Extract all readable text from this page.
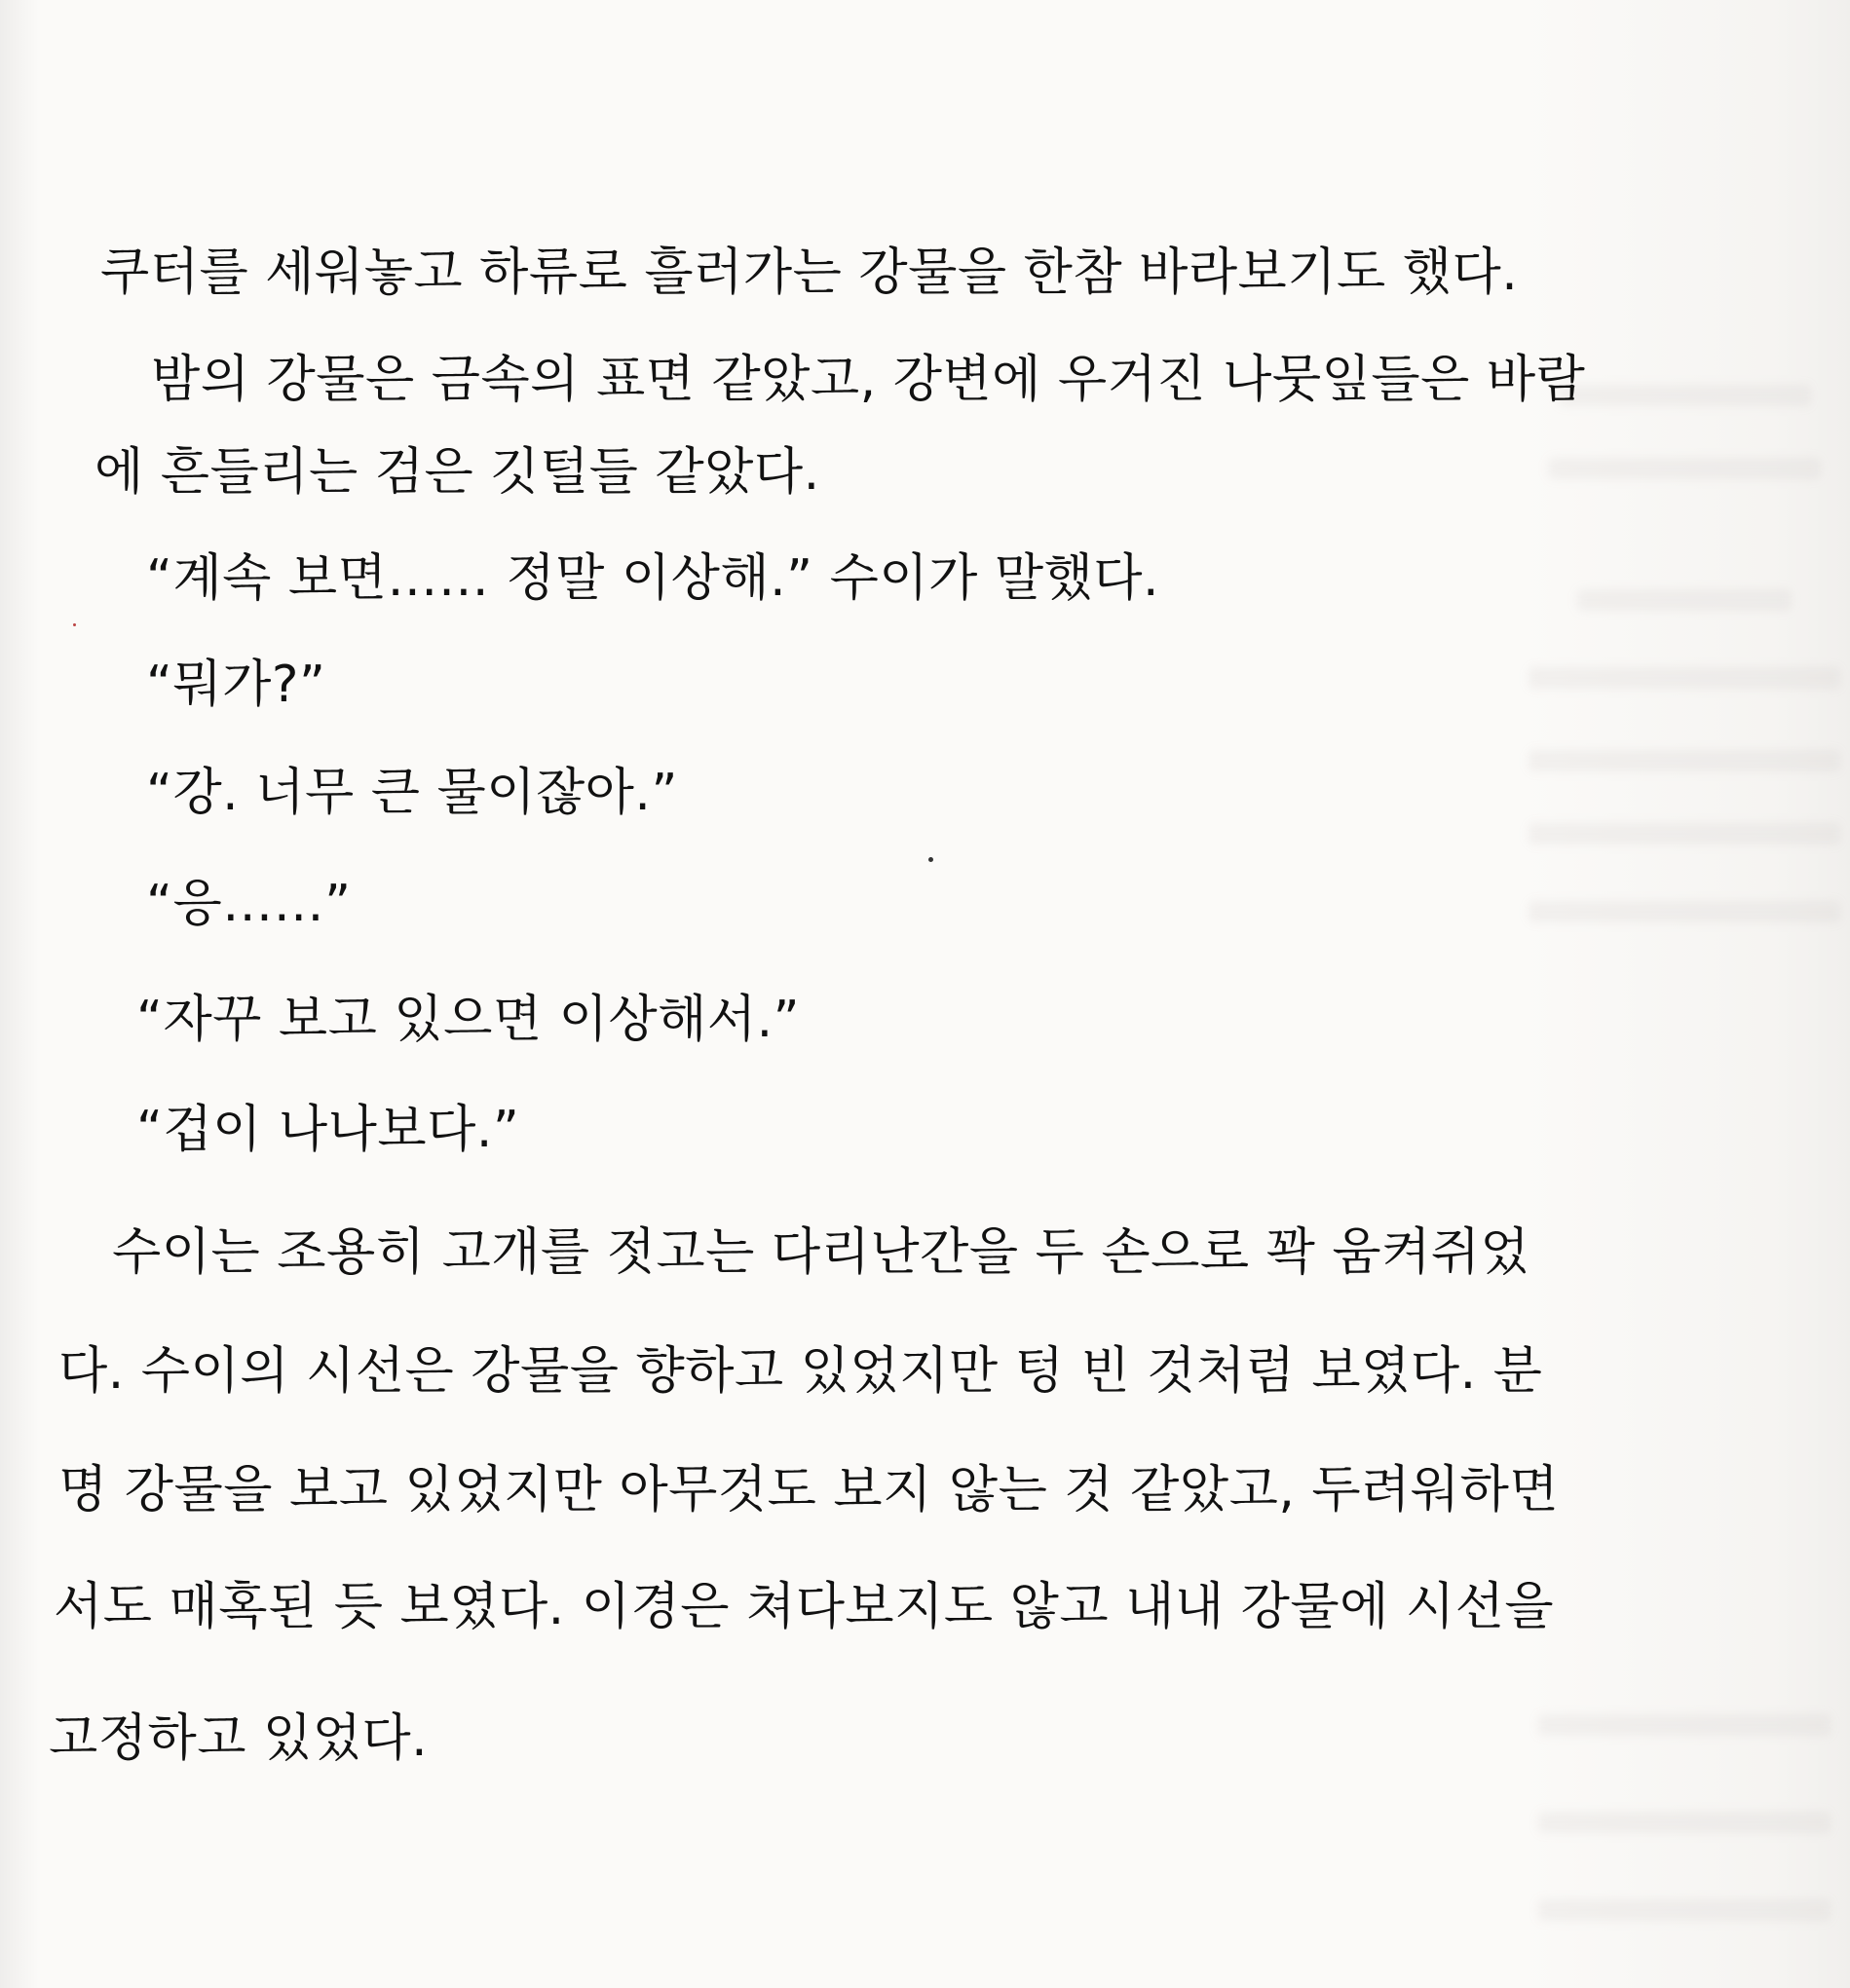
쿠터를 세워놓고 하류로 흘러가는 강물을 한참 바라보기도 했다.

밤의 강물은 금속의 표면 같았고, 강변에 우거진 나뭇잎들은 바람

에 흔들리는 검은 깃털들 같았다.

“계속 보면…… 정말 이상해.” 수이가 말했다.

“뭐가?”

“강. 너무 큰 물이잖아.”

“응……”

“자꾸 보고 있으면 이상해서.”

“겁이 나나보다.”

수이는 조용히 고개를 젓고는 다리난간을 두 손으로 꽉 움켜쥐었

다. 수이의 시선은 강물을 향하고 있었지만 텅 빈 것처럼 보였다. 분

명 강물을 보고 있었지만 아무것도 보지 않는 것 같았고, 두려워하면

서도 매혹된 듯 보였다. 이경은 쳐다보지도 않고 내내 강물에 시선을

고정하고 있었다.
